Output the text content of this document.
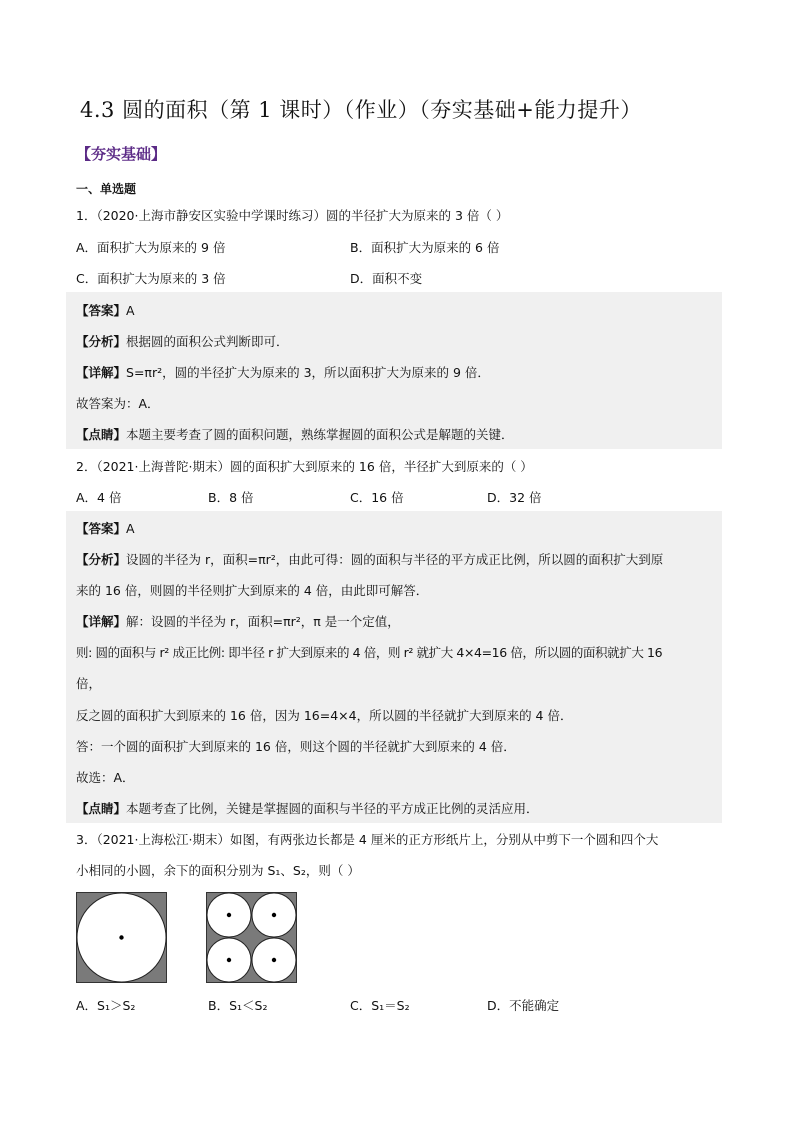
4.3 圆的面积（第 1 课时）（作业）（夯实基础+能力提升）
【夯实基础】
一、单选题
1．（2020·上海市静安区实验中学课时练习）圆的半径扩大为原来的 3 倍（ ）
A．面积扩大为原来的 9 倍	B．面积扩大为原来的 6 倍
C．面积扩大为原来的 3 倍	D．面积不变
【答案】A
【分析】根据圆的面积公式判断即可．
【详解】S=πr²，圆的半径扩大为原来的 3，所以面积扩大为原来的 9 倍．
故答案为：A．
【点睛】本题主要考查了圆的面积问题，熟练掌握圆的面积公式是解题的关键．
2．（2021·上海普陀·期末）圆的面积扩大到原来的 16 倍，半径扩大到原来的（ ）
A．4 倍	B．8 倍	C．16 倍	D．32 倍
【答案】A
【分析】设圆的半径为 r，面积=πr²，由此可得：圆的面积与半径的平方成正比例，所以圆的面积扩大到原
来的 16 倍，则圆的半径则扩大到原来的 4 倍，由此即可解答．
【详解】解：设圆的半径为 r，面积=πr²，π 是一个定值，
则: 圆的面积与 r² 成正比例: 即半径 r 扩大到原来的 4 倍，则 r² 就扩大 4×4=16 倍，所以圆的面积就扩大 16
倍，
反之圆的面积扩大到原来的 16 倍，因为 16=4×4，所以圆的半径就扩大到原来的 4 倍．
答：一个圆的面积扩大到原来的 16 倍，则这个圆的半径就扩大到原来的 4 倍．
故选：A．
【点睛】本题考查了比例，关键是掌握圆的面积与半径的平方成正比例的灵活应用．
3．（2021·上海松江·期末）如图，有两张边长都是 4 厘米的正方形纸片上，分别从中剪下一个圆和四个大
小相同的小圆，余下的面积分别为 S₁、S₂，则（ ）
A．S₁＞S₂	B．S₁＜S₂	C．S₁＝S₂	D．不能确定
